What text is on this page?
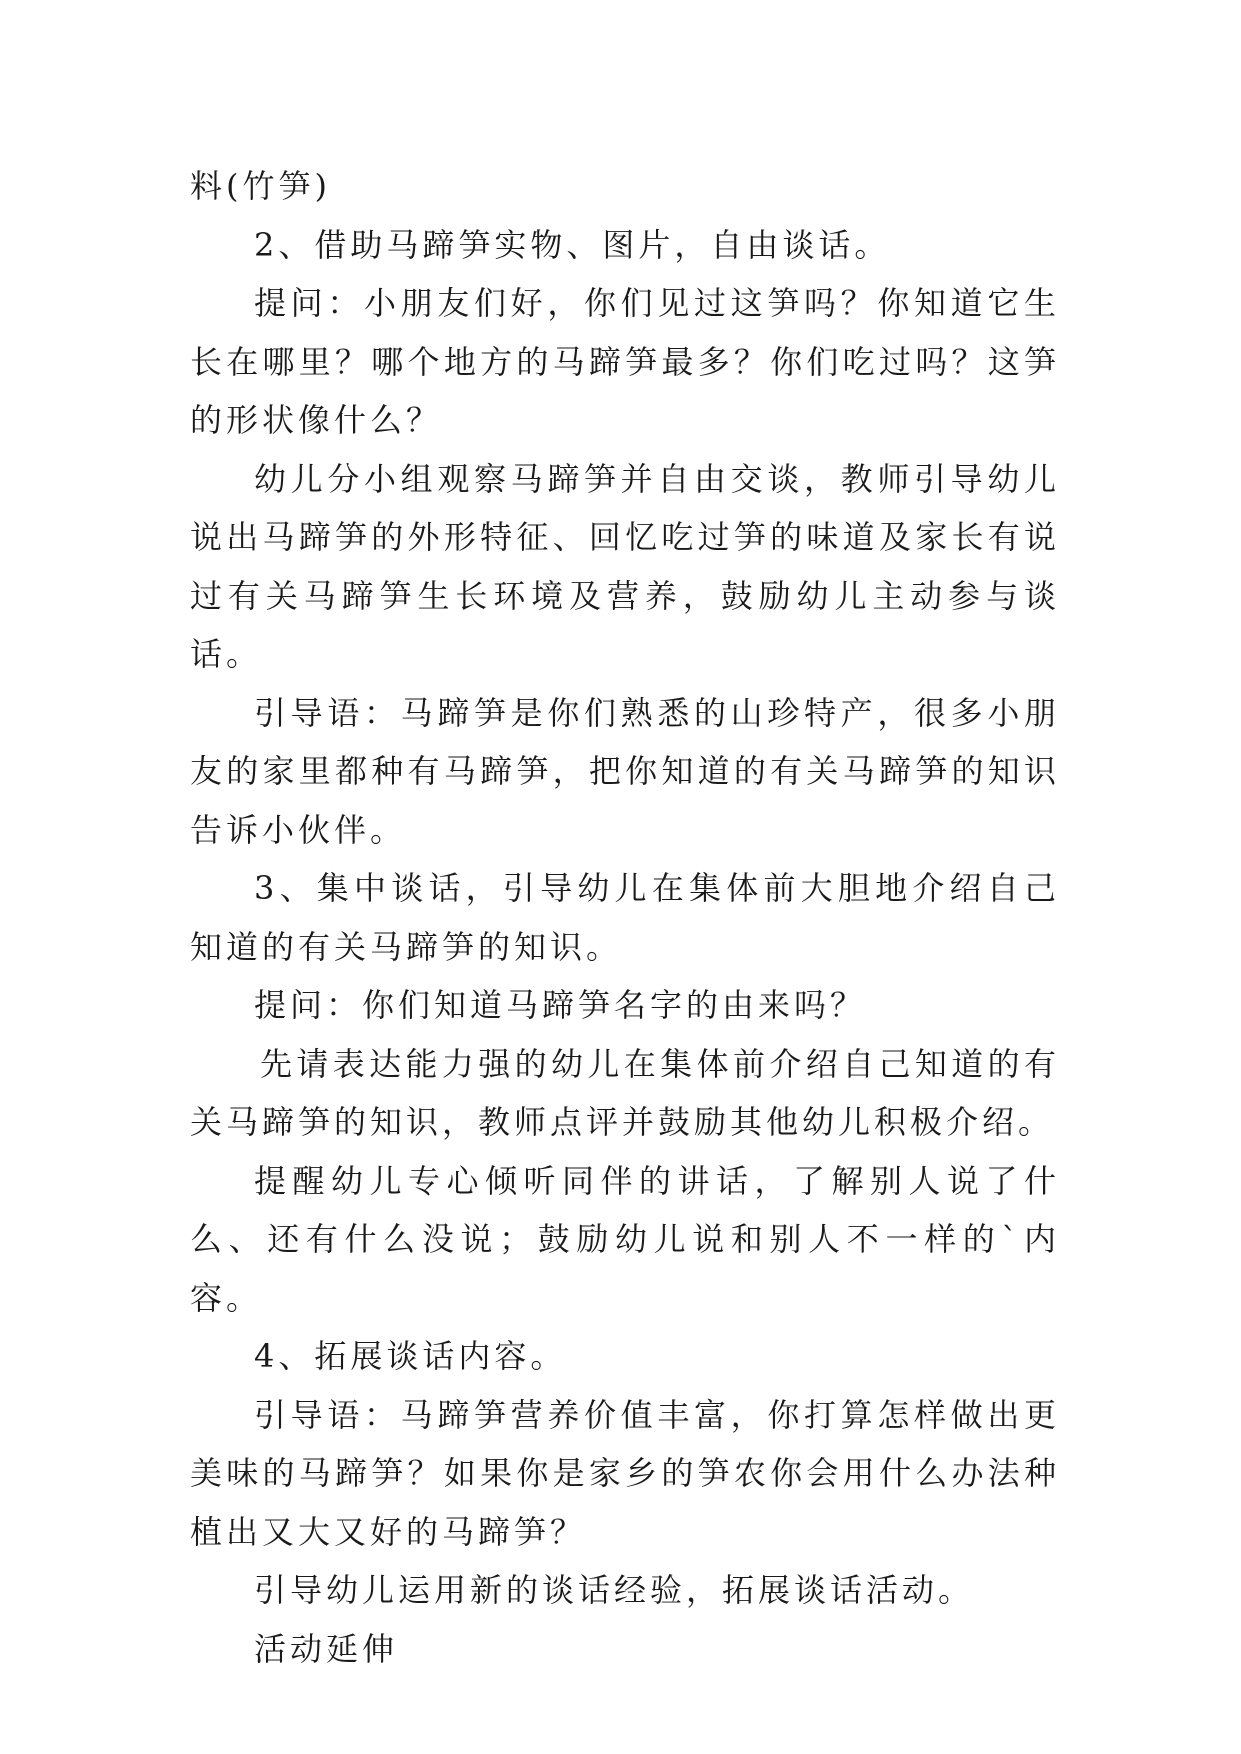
料(竹笋)

2、借助马蹄笋实物、图片，自由谈话。

提问：小朋友们好，你们见过这笋吗？你知道它生长在哪里？哪个地方的马蹄笋最多？你们吃过吗？这笋的形状像什么？

幼儿分小组观察马蹄笋并自由交谈，教师引导幼儿说出马蹄笋的外形特征、回忆吃过笋的味道及家长有说过有关马蹄笋生长环境及营养，鼓励幼儿主动参与谈话。

引导语：马蹄笋是你们熟悉的山珍特产，很多小朋友的家里都种有马蹄笋，把你知道的有关马蹄笋的知识告诉小伙伴。

3、集中谈话，引导幼儿在集体前大胆地介绍自己知道的有关马蹄笋的知识。

提问：你们知道马蹄笋名字的由来吗？

先请表达能力强的幼儿在集体前介绍自己知道的有关马蹄笋的知识，教师点评并鼓励其他幼儿积极介绍。

提醒幼儿专心倾听同伴的讲话，了解别人说了什么、还有什么没说；鼓励幼儿说和别人不一样的`内容。

4、拓展谈话内容。

引导语：马蹄笋营养价值丰富，你打算怎样做出更美味的马蹄笋？如果你是家乡的笋农你会用什么办法种植出又大又好的马蹄笋？

引导幼儿运用新的谈话经验，拓展谈话活动。

活动延伸
